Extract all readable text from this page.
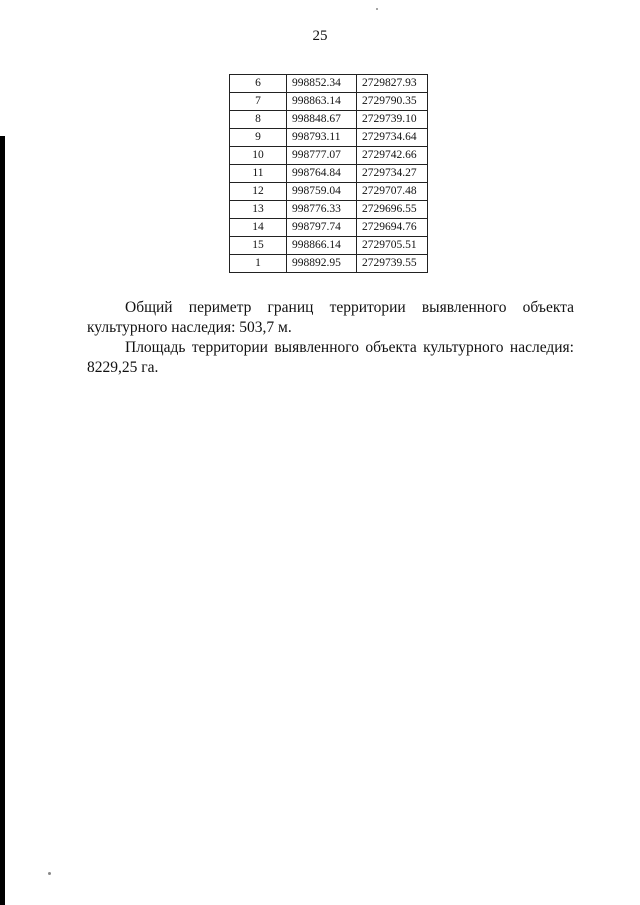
25
6	998852.34	2729827.93
7	998863.14	2729790.35
8	998848.67	2729739.10
9	998793.11	2729734.64
10	998777.07	2729742.66
11	998764.84	2729734.27
12	998759.04	2729707.48
13	998776.33	2729696.55
14	998797.74	2729694.76
15	998866.14	2729705.51
1	998892.95	2729739.55

Общий периметр границ территории выявленного объекта культурного наследия: 503,7 м.

Площадь территории выявленного объекта культурного наследия: 8229,25 га.
